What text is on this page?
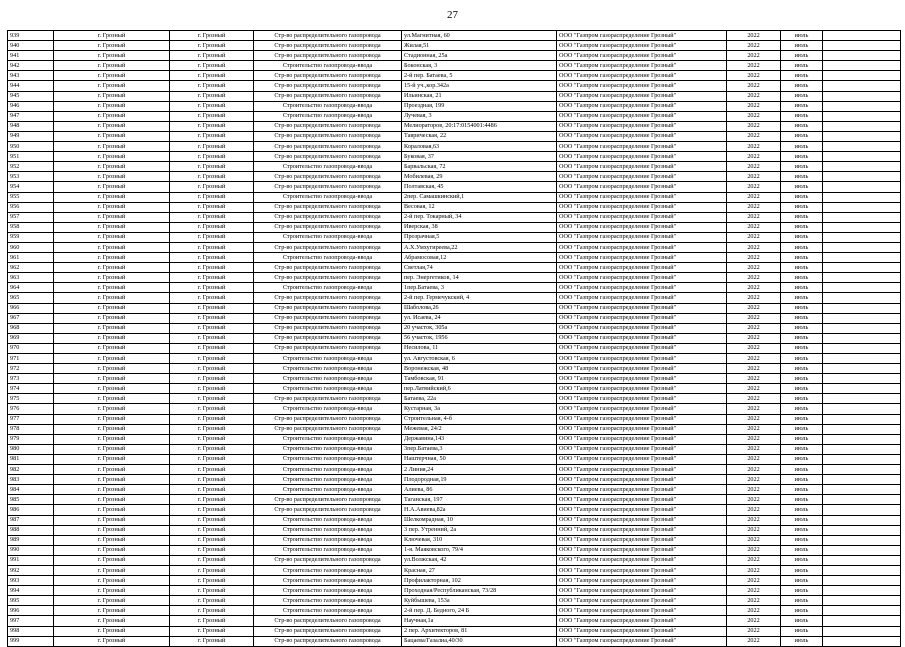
27
939	г. Грозный	г. Грозный	Стр-во распределительного газопровода	ул.Магнитная, 60	ООО "Газпром газораспределение Грозный"	2022	июль	
940	г. Грозный	г. Грозный	Стр-во распределительного газопровода	Жилая,51	ООО "Газпром газораспределение Грозный"	2022	июль	
941	г. Грозный	г. Грозный	Стр-во распределительного газопровода	Стадионная, 25а	ООО "Газпром газораспределение Грозный"	2022	июль	
942	г. Грозный	г. Грозный	Строительство газопровода-ввода	Боконская, 3	ООО "Газпром газораспределение Грозный"	2022	июль	
943	г. Грозный	г. Грозный	Стр-во распределительного газопровода	2-й пер. Батаева, 5	ООО "Газпром газораспределение Грозный"	2022	июль	
944	г. Грозный	г. Грозный	Стр-во распределительного газопровода	15-й уч.,кор.342а	ООО "Газпром газораспределение Грозный"	2022	июль	
945	г. Грозный	г. Грозный	Стр-во распределительного газопровода	Ильинская, 21	ООО "Газпром газораспределение Грозный"	2022	июль	
946	г. Грозный	г. Грозный	Строительство газопровода-ввода	Проездная, 199	ООО "Газпром газораспределение Грозный"	2022	июль	
947	г. Грозный	г. Грозный	Строительство газопровода-ввода	Лучевая, 3	ООО "Газпром газораспределение Грозный"	2022	июль	
948	г. Грозный	г. Грозный	Стр-во распределительного газопровода	Мелиораторов, 20:17:0154001:4486	ООО "Газпром газораспределение Грозный"	2022	июль	
949	г. Грозный	г. Грозный	Стр-во распределительного газопровода	Таврическая, 22	ООО "Газпром газораспределение Грозный"	2022	июль	
950	г. Грозный	г. Грозный	Стр-во распределительного газопровода	Кораловая,63	ООО "Газпром газораспределение Грозный"	2022	июль	
951	г. Грозный	г. Грозный	Стр-во распределительного газопровода	Буковая, 37	ООО "Газпром газораспределение Грозный"	2022	июль	
952	г. Грозный	г. Грозный	Строительство газопровода-ввода	Барвальская, 72	ООО "Газпром газораспределение Грозный"	2022	июль	
953	г. Грозный	г. Грозный	Стр-во распределительного газопровода	Мобилевая, 29	ООО "Газпром газораспределение Грозный"	2022	июль	
954	г. Грозный	г. Грозный	Стр-во распределительного газопровода	Полтавская, 45	ООО "Газпром газораспределение Грозный"	2022	июль	
955	г. Грозный	г. Грозный	Строительство газопровода-ввода	2пер. Самашкинский,1	ООО "Газпром газораспределение Грозный"	2022	июль	
956	г. Грозный	г. Грозный	Стр-во распределительного газопровода	Весовая, 12	ООО "Газпром газораспределение Грозный"	2022	июль	
957	г. Грозный	г. Грозный	Стр-во распределительного газопровода	2-й пер. Токарный, 34	ООО "Газпром газораспределение Грозный"	2022	июль	
958	г. Грозный	г. Грозный	Стр-во распределительного газопровода	Иверская, 38	ООО "Газпром газораспределение Грозный"	2022	июль	
959	г. Грозный	г. Грозный	Строительство газопровода-ввода	Прозрачная,5	ООО "Газпром газораспределение Грозный"	2022	июль	
960	г. Грозный	г. Грозный	Стр-во распределительного газопровода	А.Х.Умхугиреева,22	ООО "Газпром газораспределение Грозный"	2022	июль	
961	г. Грозный	г. Грозный	Строительство газопровода-ввода	Абрамосовая,12	ООО "Газпром газораспределение Грозный"	2022	июль	
962	г. Грозный	г. Грозный	Стр-во распределительного газопровода	Светлая,74	ООО "Газпром газораспределение Грозный"	2022	июль	
963	г. Грозный	г. Грозный	Стр-во распределительного газопровода	пер. Энергетиков, 14	ООО "Газпром газораспределение Грозный"	2022	июль	
964	г. Грозный	г. Грозный	Строительство газопровода-ввода	1пер.Батаева, 3	ООО "Газпром газораспределение Грозный"	2022	июль	
965	г. Грозный	г. Грозный	Стр-во распределительного газопровода	2-й пер. Гермечукский, 4	ООО "Газпром газораспределение Грозный"	2022	июль	
966	г. Грозный	г. Грозный	Стр-во распределительного газопровода	Шаболова,26	ООО "Газпром газораспределение Грозный"	2022	июль	
967	г. Грозный	г. Грозный	Стр-во распределительного газопровода	ул. Исаева, 24	ООО "Газпром газораспределение Грозный"	2022	июль	
968	г. Грозный	г. Грозный	Стр-во распределительного газопровода	20 участок, 305а	ООО "Газпром газораспределение Грозный"	2022	июль	
969	г. Грозный	г. Грозный	Стр-во распределительного газопровода	56 участок, 1956	ООО "Газпром газораспределение Грозный"	2022	июль	
970	г. Грозный	г. Грозный	Стр-во распределительного газопровода	Несилова, 11	ООО "Газпром газораспределение Грозный"	2022	июль	
971	г. Грозный	г. Грозный	Строительство газопровода-ввода	ул. Августовская, 6	ООО "Газпром газораспределение Грозный"	2022	июль	
972	г. Грозный	г. Грозный	Строительство газопровода-ввода	Воронежская, 48	ООО "Газпром газораспределение Грозный"	2022	июль	
973	г. Грозный	г. Грозный	Строительство газопровода-ввода	Тамбовская, 91	ООО "Газпром газораспределение Грозный"	2022	июль	
974	г. Грозный	г. Грозный	Строительство газопровода-ввода	пер.Латвийский,6	ООО "Газпром газораспределение Грозный"	2022	июль	
975	г. Грозный	г. Грозный	Стр-во распределительного газопровода	Батаева, 22а	ООО "Газпром газораспределение Грозный"	2022	июль	
976	г. Грозный	г. Грозный	Строительство газопровода-ввода	Кустарная, 3а	ООО "Газпром газораспределение Грозный"	2022	июль	
977	г. Грозный	г. Грозный	Стр-во распределительного газопровода	Строительная, 4-б	ООО "Газпром газораспределение Грозный"	2022	июль	
978	г. Грозный	г. Грозный	Стр-во распределительного газопровода	Межевая, 24/2	ООО "Газпром газораспределение Грозный"	2022	июль	
979	г. Грозный	г. Грозный	Строительство газопровода-ввода	Державина,143	ООО "Газпром газораспределение Грозный"	2022	июль	
980	г. Грозный	г. Грозный	Строительство газопровода-ввода	3пер.Батаева,3	ООО "Газпром газораспределение Грозный"	2022	июль	
981	г. Грозный	г. Грозный	Строительство газопровода-ввода	Наштерчная, 50	ООО "Газпром газораспределение Грозный"	2022	июль	
982	г. Грозный	г. Грозный	Строительство газопровода-ввода	2 Линия,24	ООО "Газпром газораспределение Грозный"	2022	июль	
983	г. Грозный	г. Грозный	Строительство газопровода-ввода	Плодородная,19	ООО "Газпром газораспределение Грозный"	2022	июль	
984	г. Грозный	г. Грозный	Строительство газопровода-ввода	Алиева, 86	ООО "Газпром газораспределение Грозный"	2022	июль	
985	г. Грозный	г. Грозный	Стр-во распределительного газопровода	Таганская, 197	ООО "Газпром газораспределение Грозный"	2022	июль	
986	г. Грозный	г. Грозный	Стр-во распределительного газопровода	Н.А.Авиева,82а	ООО "Газпром газораспределение Грозный"	2022	июль	
987	г. Грозный	г. Грозный	Строительство газопровода-ввода	Шелкомрадная, 10	ООО "Газпром газораспределение Грозный"	2022	июль	
988	г. Грозный	г. Грозный	Строительство газопровода-ввода	3 пер. Утренний, 2а	ООО "Газпром газораспределение Грозный"	2022	июль	
989	г. Грозный	г. Грозный	Строительство газопровода-ввода	Ключевая, 310	ООО "Газпром газораспределение Грозный"	2022	июль	
990	г. Грозный	г. Грозный	Строительство газопровода-ввода	1-я. Маяковского, 79/4	ООО "Газпром газораспределение Грозный"	2022	июль	
991	г. Грозный	г. Грозный	Стр-во распределительного газопровода	ул.Волжская, 42	ООО "Газпром газораспределение Грозный"	2022	июль	
992	г. Грозный	г. Грозный	Строительство газопровода-ввода	Красная, 27	ООО "Газпром газораспределение Грозный"	2022	июль	
993	г. Грозный	г. Грозный	Строительство газопровода-ввода	Профилакторная, 102	ООО "Газпром газораспределение Грозный"	2022	июль	
994	г. Грозный	г. Грозный	Строительство газопровода-ввода	Проходная/Республиканская, 73/28	ООО "Газпром газораспределение Грозный"	2022	июль	
995	г. Грозный	г. Грозный	Строительство газопровода-ввода	Куйбышева, 153а	ООО "Газпром газораспределение Грозный"	2022	июль	
996	г. Грозный	г. Грозный	Строительство газопровода-ввода	2-й пер. Д. Бедного, 24 Б	ООО "Газпром газораспределение Грозный"	2022	июль	
997	г. Грозный	г. Грозный	Стр-во распределительного газопровода	Научная,1а	ООО "Газпром газораспределение Грозный"	2022	июль	
998	г. Грозный	г. Грозный	Стр-во распределительного газопровода	2 пер. Архитекторов, 81	ООО "Газпром газораспределение Грозный"	2022	июль	
999	г. Грозный	г. Грозный	Стр-во распределительного газопровода	Бацаева/Газалиа,40/30	ООО "Газпром газораспределение Грозный"	2022	июль	
